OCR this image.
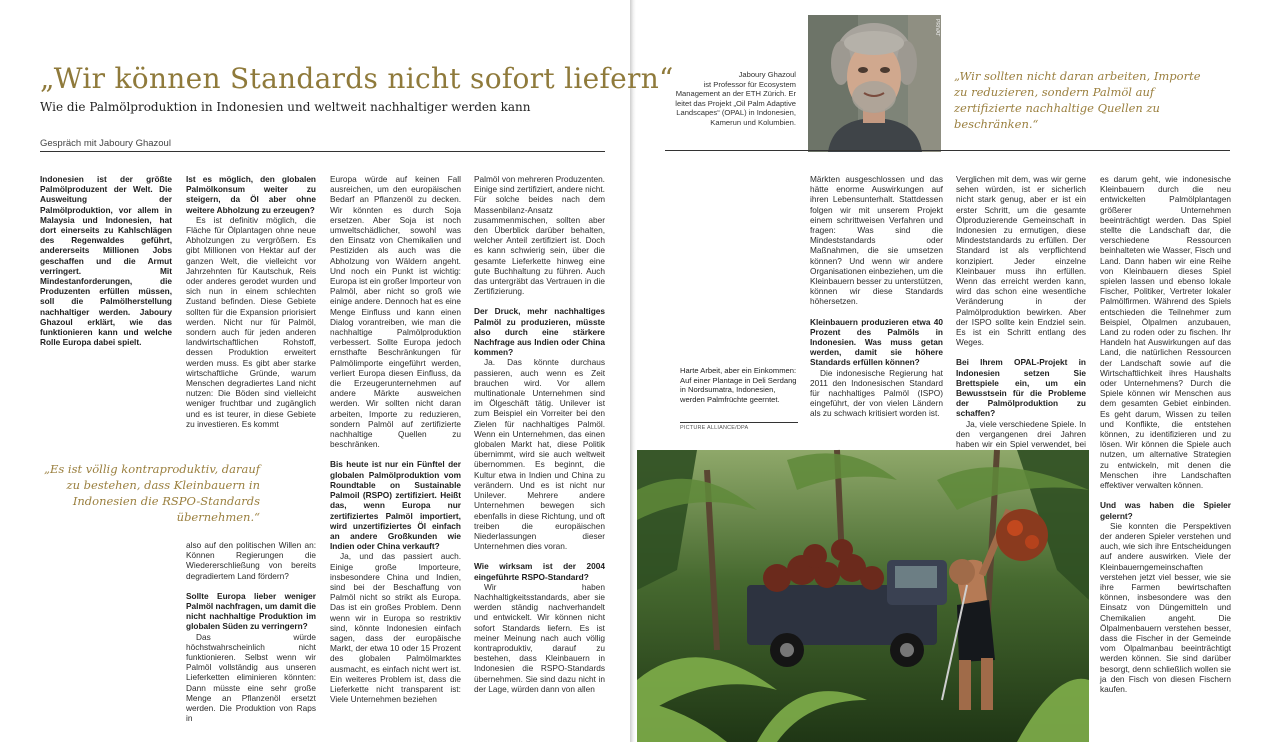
„Wir können Standards nicht sofort liefern“
Wie die Palmölproduktion in Indonesien und weltweit nachhaltiger werden kann
Gespräch mit Jaboury Ghazoul

Indonesien ist der größte Palmölproduzent der Welt. Die Ausweitung der Palmölproduktion, vor allem in Malaysia und Indonesien, hat dort einerseits zu Kahlschlägen des Regenwaldes geführt, andererseits Millionen Jobs geschaffen und die Armut verringert. Mit Mindestanforderungen, die Produzenten erfüllen müssen, soll die Palmölherstellung nachhaltiger werden. Jaboury Ghazoul erklärt, wie das funktionieren kann und welche Rolle Europa dabei spielt.

Ist es möglich, den globalen Palmölkonsum weiter zu steigern, da Öl aber ohne weitere Abholzung zu erzeugen?

Es ist definitiv möglich, die Fläche für Ölplantagen ohne neue Abholzungen zu vergrößern. Es gibt Millionen von Hektar auf der ganzen Welt, die vielleicht vor Jahrzehnten für Kautschuk, Reis oder anderes gerodet wurden und sich nun in einem schlechten Zustand befinden. Diese Gebiete sollten für die Expansion priorisiert werden. Nicht nur für Palmöl, sondern auch für jeden anderen landwirtschaftlichen Rohstoff, dessen Produktion erweitert werden muss. Es gibt aber starke wirtschaftliche Gründe, warum Menschen degradiertes Land nicht nutzen: Die Böden sind vielleicht weniger fruchtbar und zugänglich und es ist teurer, in diese Gebiete zu investieren. Es kommt

„Es ist völlig kontraproduktiv, darauf zu bestehen, dass Kleinbauern in Indonesien die RSPO-Standards übernehmen.“

also auf den politischen Willen an: Können Regierungen die Wiedererschließung von bereits degradiertem Land fördern?

Sollte Europa lieber weniger Palmöl nachfragen, um damit die nicht nachhaltige Produktion im globalen Süden zu verringern?

Das würde höchstwahrscheinlich nicht funktionieren. Selbst wenn wir Palmöl vollständig aus unseren Lieferketten eliminieren könnten: Dann müsste eine sehr große Menge an Pflanzenöl ersetzt werden. Die Produktion von Raps in

Europa würde auf keinen Fall ausreichen, um den europäischen Bedarf an Pflanzenöl zu decken. Wir könnten es durch Soja ersetzen. Aber Soja ist noch umweltschädlicher, sowohl was den Einsatz von Chemikalien und Pestiziden als auch was die Abholzung von Wäldern angeht. Und noch ein Punkt ist wichtig: Europa ist ein großer Importeur von Palmöl, aber nicht so groß wie einige andere. Dennoch hat es eine Menge Einfluss und kann einen Dialog vorantreiben, wie man die nachhaltige Palmölproduktion verbessert. Sollte Europa jedoch ernsthafte Beschränkungen für Palmölimporte eingeführt werden, verliert Europa diesen Einfluss, da die Erzeugerunternehmen auf andere Märkte ausweichen werden. Wir sollten nicht daran arbeiten, Importe zu reduzieren, sondern Palmöl auf zertifizierte nachhaltige Quellen zu beschränken.

Bis heute ist nur ein Fünftel der globalen Palmölproduktion vom Roundtable on Sustainable Palmoil (RSPO) zertifiziert. Heißt das, wenn Europa nur zertifiziertes Palmöl importiert, wird unzertifiziertes Öl einfach an andere Großkunden wie Indien oder China verkauft?

Ja, und das passiert auch. Einige große Importeure, insbesondere China und Indien, sind bei der Beschaffung von Palmöl nicht so strikt als Europa. Das ist ein großes Problem. Denn wenn wir in Europa so restriktiv sind, könnte Indonesien einfach sagen, dass der europäische Markt, der etwa 10 oder 15 Prozent des globalen Palmölmarktes ausmacht, es einfach nicht wert ist. Ein weiteres Problem ist, dass die Lieferkette nicht transparent ist: Viele Unternehmen beziehen

Palmöl von mehreren Produzenten. Einige sind zertifiziert, andere nicht. Für solche beides nach dem Massenbilanz-Ansatz zusammenmischen, sollten aber den Überblick darüber behalten, welcher Anteil zertifiziert ist. Doch es kann schwierig sein, über die gesamte Lieferkette hinweg eine gute Buchhaltung zu führen. Auch das untergräbt das Vertrauen in die Zertifizierung.

Der Druck, mehr nachhaltiges Palmöl zu produzieren, müsste also durch eine stärkere Nachfrage aus Indien oder China kommen?

Ja. Das könnte durchaus passieren, auch wenn es Zeit brauchen wird. Vor allem multinationale Unternehmen sind im Ölgeschäft tätig. Unilever ist zum Beispiel ein Vorreiter bei den Zielen für nachhaltiges Palmöl. Wenn ein Unternehmen, das einen globalen Markt hat, diese Politik übernimmt, wird sie auch weltweit übernommen. Es beginnt, die Kultur etwa in Indien und China zu verändern. Und es ist nicht nur Unilever. Mehrere andere Unternehmen bewegen sich ebenfalls in diese Richtung, und oft treiben die europäischen Niederlassungen dieser Unternehmen dies voran.

Wie wirksam ist der 2004 eingeführte RSPO-Standard?

Wir haben Nachhaltigkeitsstandards, aber sie werden ständig nachverhandelt und entwickelt. Wir können nicht sofort Standards liefern. Es ist meiner Meinung nach auch völlig kontraproduktiv, darauf zu bestehen, dass Kleinbauern in Indonesien die RSPO-Standards übernehmen. Sie sind dazu nicht in der Lage, würden dann von allen

Jaboury Ghazoul
ist Professor für Ecosystem Management an der ETH Zürich. Er leitet das Projekt „Oil Palm Adaptive Landscapes“ (OPAL) in Indonesien, Kamerun und Kolumbien.
PRIVAT
„Wir sollten nicht daran arbeiten, Importe zu reduzieren, sondern Palmöl auf zertifizierte nachhaltige Quellen zu beschränken.“
Harte Arbeit, aber ein Einkommen: Auf einer Plantage in Deli Serdang in Nordsumatra, Indonesien, werden Palmfrüchte geerntet.
PICTURE ALLIANCE/DPA

Märkten ausgeschlossen und das hätte enorme Auswirkungen auf ihren Lebensunterhalt. Stattdessen folgen wir mit unserem Projekt einem schrittweisen Verfahren und fragen: Was sind die Mindeststandards oder Maßnahmen, die sie umsetzen können? Und wenn wir andere Organisationen einbeziehen, um die Kleinbauern besser zu unterstützen, können wir diese Standards höhersetzen.

Kleinbauern produzieren etwa 40 Prozent des Palmöls in Indonesien. Was muss getan werden, damit sie höhere Standards erfüllen können?

Die indonesische Regierung hat 2011 den Indonesischen Standard für nachhaltiges Palmöl (ISPO) eingeführt, der von vielen Ländern als zu schwach kritisiert worden ist.

Verglichen mit dem, was wir gerne sehen würden, ist er sicherlich nicht stark genug, aber er ist ein erster Schritt, um die gesamte Ölproduzierende Gemeinschaft in Indonesien zu ermutigen, diese Mindeststandards zu erfüllen. Der Standard ist als verpflichtend konzipiert. Jeder einzelne Kleinbauer muss ihn erfüllen. Wenn das erreicht werden kann, wird das schon eine wesentliche Veränderung in der Palmölproduktion bewirken. Aber der ISPO sollte kein Endziel sein. Es ist ein Schritt entlang des Weges.

Bei Ihrem OPAL-Projekt in Indonesien setzen Sie Brettspiele ein, um ein Bewusstsein für die Probleme der Palmölproduktion zu schaffen?

Ja, viele verschiedene Spiele. In den vergangenen drei Jahren haben wir ein Spiel verwendet, bei

es darum geht, wie indonesische Kleinbauern durch die neu entwickelten Palmölplantagen größerer Unternehmen beeinträchtigt werden. Das Spiel stellte die Landschaft dar, die verschiedene Ressourcen beinhalteten wie Wasser, Fisch und Land. Dann haben wir eine Reihe von Kleinbauern dieses Spiel spielen lassen und ebenso lokale Fischer, Politiker, Vertreter lokaler Palmölfirmen. Während des Spiels entschieden die Teilnehmer zum Beispiel, Ölpalmen anzubauen, Land zu roden oder zu fischen. Ihr Handeln hat Auswirkungen auf das Land, die natürlichen Ressourcen der Landschaft sowie auf die Wirtschaftlichkeit ihres Haushalts oder Unternehmens? Durch die Spiele können wir Menschen aus dem gesamten Gebiet einbinden. Es geht darum, Wissen zu teilen und Konflikte, die entstehen können, zu identifizieren und zu lösen. Wir können die Spiele auch nutzen, um alternative Strategien zu entwickeln, mit denen die Menschen ihre Landschaften effektiver verwalten können.

Und was haben die Spieler gelernt?

Sie konnten die Perspektiven der anderen Spieler verstehen und auch, wie sich ihre Entscheidungen auf andere auswirken. Viele der Kleinbauerngemeinschaften verstehen jetzt viel besser, wie sie ihre Farmen bewirtschaften können, insbesondere was den Einsatz von Düngemitteln und Chemikalien angeht. Die Ölpalmenbauern verstehen besser, dass die Fischer in der Gemeinde vom Ölpalmanbau beeinträchtigt werden können. Sie sind darüber besorgt, denn schließlich wollen sie ja den Fisch von diesen Fischern kaufen.
